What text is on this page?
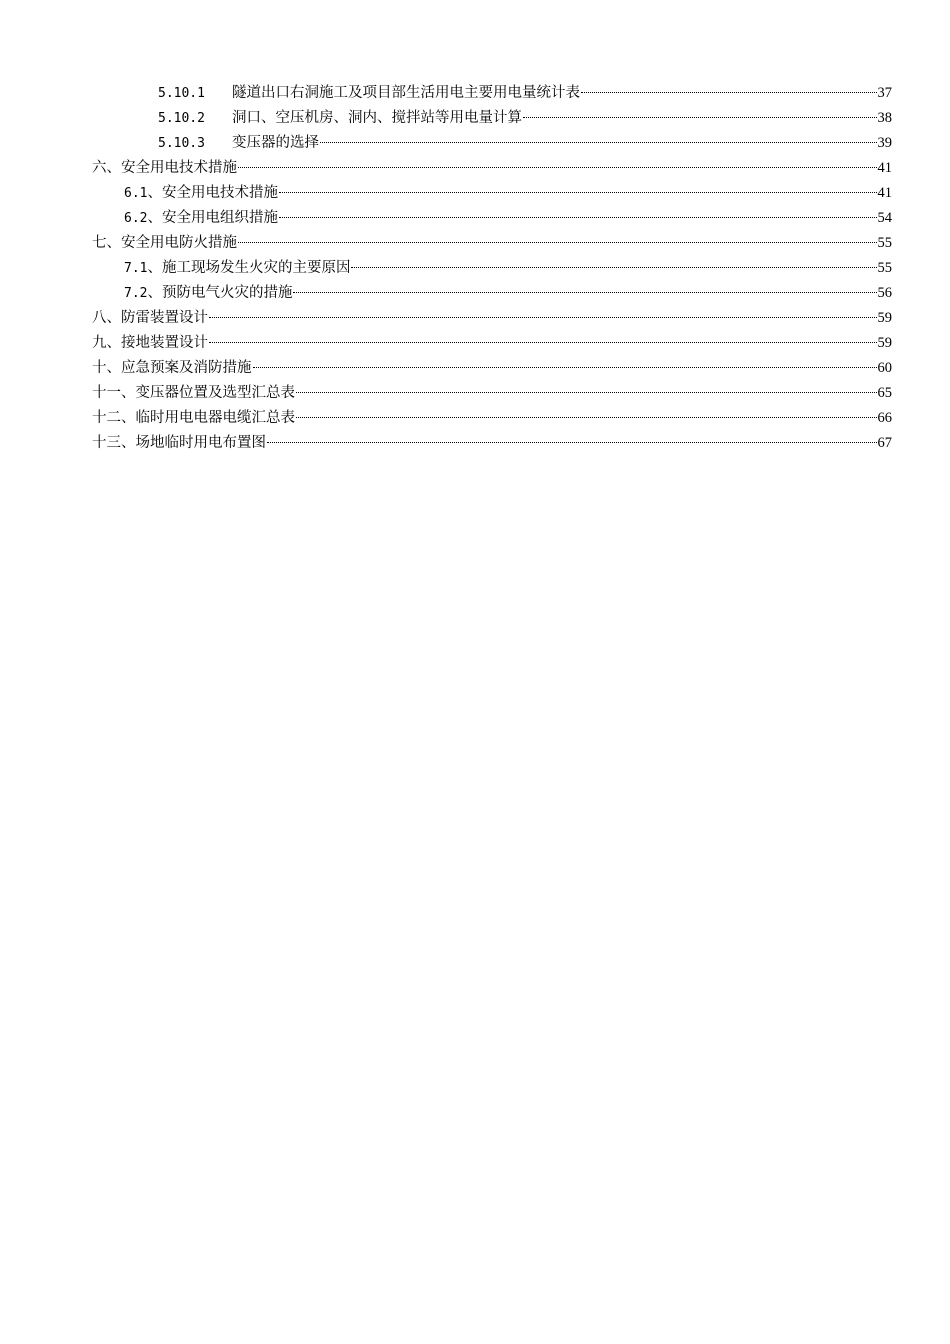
5.10.1	隧道出口右洞施工及项目部生活用电主要用电量统计表	37
5.10.2	洞口、空压机房、洞内、搅拌站等用电量计算	38
5.10.3	变压器的选择	39
六、安全用电技术措施	41
6.1 、安全用电技术措施	41
6.2 、安全用电组织措施	54
七、安全用电防火措施	55
7.1 、施工现场发生火灾的主要原因	55
7.2 、预防电气火灾的措施	56
八、防雷装置设计	59
九、接地装置设计	59
十、应急预案及消防措施	60
十一、变压器位置及选型汇总表	65
十二、临时用电电器电缆汇总表	66
十三、场地临时用电布置图	67
